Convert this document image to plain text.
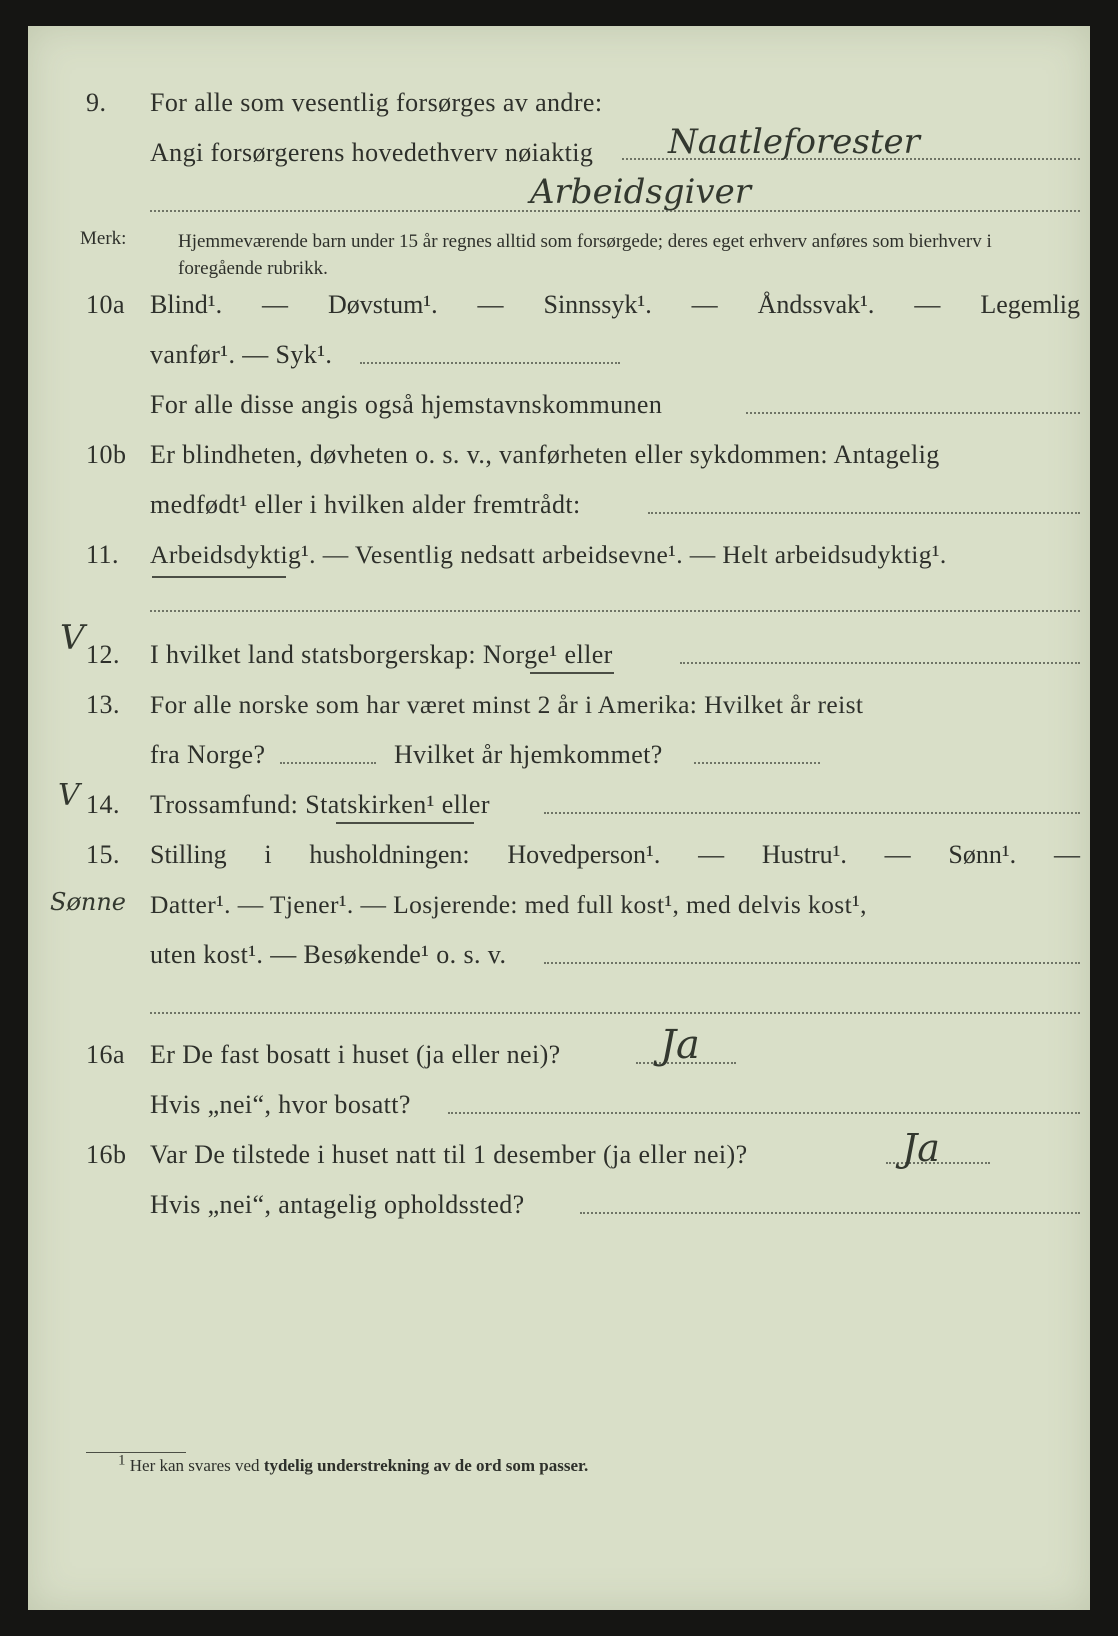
9. For alle som vesentlig forsørges av andre:
Angi forsørgerens hovedethverv nøiaktig Naatleforester
Arbeidsgiver
Merk:	Hjemmeværende barn under 15 år regnes alltid som forsørgede; deres eget erhverv anføres som bierhverv i foregående rubrikk.
10a Blind¹. — Døvstum¹. — Sinnssyk¹. — Åndssvak¹. — Legemlig
vanfør¹. — Syk¹.
For alle disse angis også hjemstavnskommunen
10b Er blindheten, døvheten o. s. v., vanførheten eller sykdommen: Antagelig
medfødt¹ eller i hvilken alder fremtrådt:
11. Arbeidsdyktig¹. — Vesentlig nedsatt arbeidsevne¹. — Helt arbeidsudyktig¹.
V 12. I hvilket land statsborgerskap: Norge¹ eller
13. For alle norske som har været minst 2 år i Amerika: Hvilket år reist
fra Norge?	Hvilket år hjemkommet?
V 14. Trossamfund: Statskirken¹ eller
15. Stilling i husholdningen: Hovedperson¹. — Hustru¹. — Sønn¹. —
Sønne Datter¹. — Tjener¹. — Losjerende: med full kost¹, med delvis kost¹,
uten kost¹. — Besøkende¹ o. s. v.
16a Er De fast bosatt i huset (ja eller nei)? Ja
Hvis „nei“, hvor bosatt?
16b Var De tilstede i huset natt til 1 desember (ja eller nei)?	Ja
Hvis „nei“, antagelig opholdssted?
1 Her kan svares ved tydelig understrekning av de ord som passer.
